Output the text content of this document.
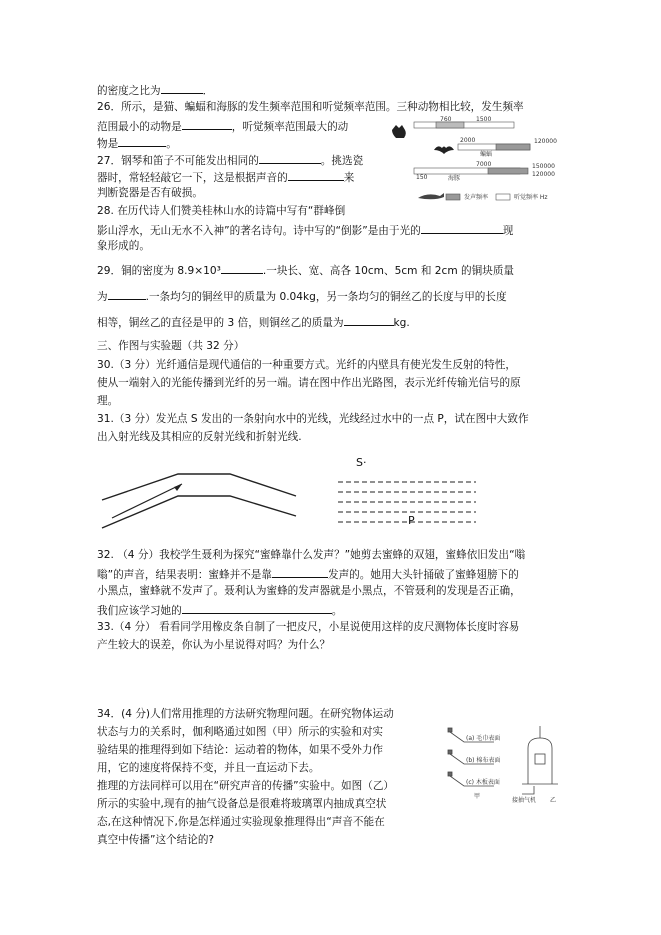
的密度之比为	．
26．所示，是猫、蝙蝠和海豚的发生频率范围和听觉频率范围。三种动物相比较，发生频率
范围最小的动物是	，听觉频率范围最大的动
物是	。
27．钢琴和笛子不可能发出相同的	。挑选瓷
器时，常轻轻敲它一下，这是根据声音的	来
判断瓷器是否有破损。
28. 在历代诗人们赞美桂林山水的诗篇中写有“群峰倒
影山浮水，无山无水不入神”的著名诗句。诗中写的“倒影”是由于光的	现
象形成的。
29．铜的密度为 8.9×10³	.一块长、宽、高各 10cm、5cm 和 2cm 的铜块质量
为	.一条均匀的铜丝甲的质量为 0.04kg，另一条均匀的铜丝乙的长度与甲的长度
相等，铜丝乙的直径是甲的 3 倍，则铜丝乙的质量为	kg.
三、作图与实验题（共 32 分）
30.（3 分）光纤通信是现代通信的一种重要方式。光纤的内壁具有使光发生反射的特性，
使从一端射入的光能传播到光纤的另一端。请在图中作出光路图，表示光纤传输光信号的原
理。
31.（3 分）发光点 S 发出的一条射向水中的光线，光线经过水中的一点 P，试在图中大致作
出入射光线及其相应的反射光线和折射光线.
32. （4 分）我校学生聂利为探究“蜜蜂靠什么发声？”她剪去蜜蜂的双翅，蜜蜂依旧发出“嗡
嗡”的声音，结果表明：蜜蜂并不是靠	发声的。她用大头针捅破了蜜蜂翅膀下的
小黑点，蜜蜂就不发声了。聂利认为蜜蜂的发声器就是小黑点，不管聂利的发现是否正确，
我们应该学习她的	。
33.（4 分） 看看同学用橡皮条自制了一把皮尺，小星说使用这样的皮尺测物体长度时容易
产生较大的误差，你认为小星说得对吗？为什么？
34．(4 分)人们常用推理的方法研究物理问题。在研究物体运动
状态与力的关系时，伽利略通过如图（甲）所示的实验和对实
验结果的推理得到如下结论：运动着的物体，如果不受外力作
用，它的速度将保持不变，并且一直运动下去。
推理的方法同样可以用在“研究声音的传播”实验中。如图（乙）
所示的实验中,现有的抽气设备总是很难将玻璃罩内抽成真空状
态,在这种情况下,你是怎样通过实验现象推理得出“声音不能在
真空中传播”这个结论的?
760	1500
2000	120000
蝙蝠
150
150000
7000
120000
海豚
发声频率	听觉频率 Hz
S·
P
(a) 毛巾表面
(b) 棉布表面
(c) 木板表面
甲
接抽气机 乙
